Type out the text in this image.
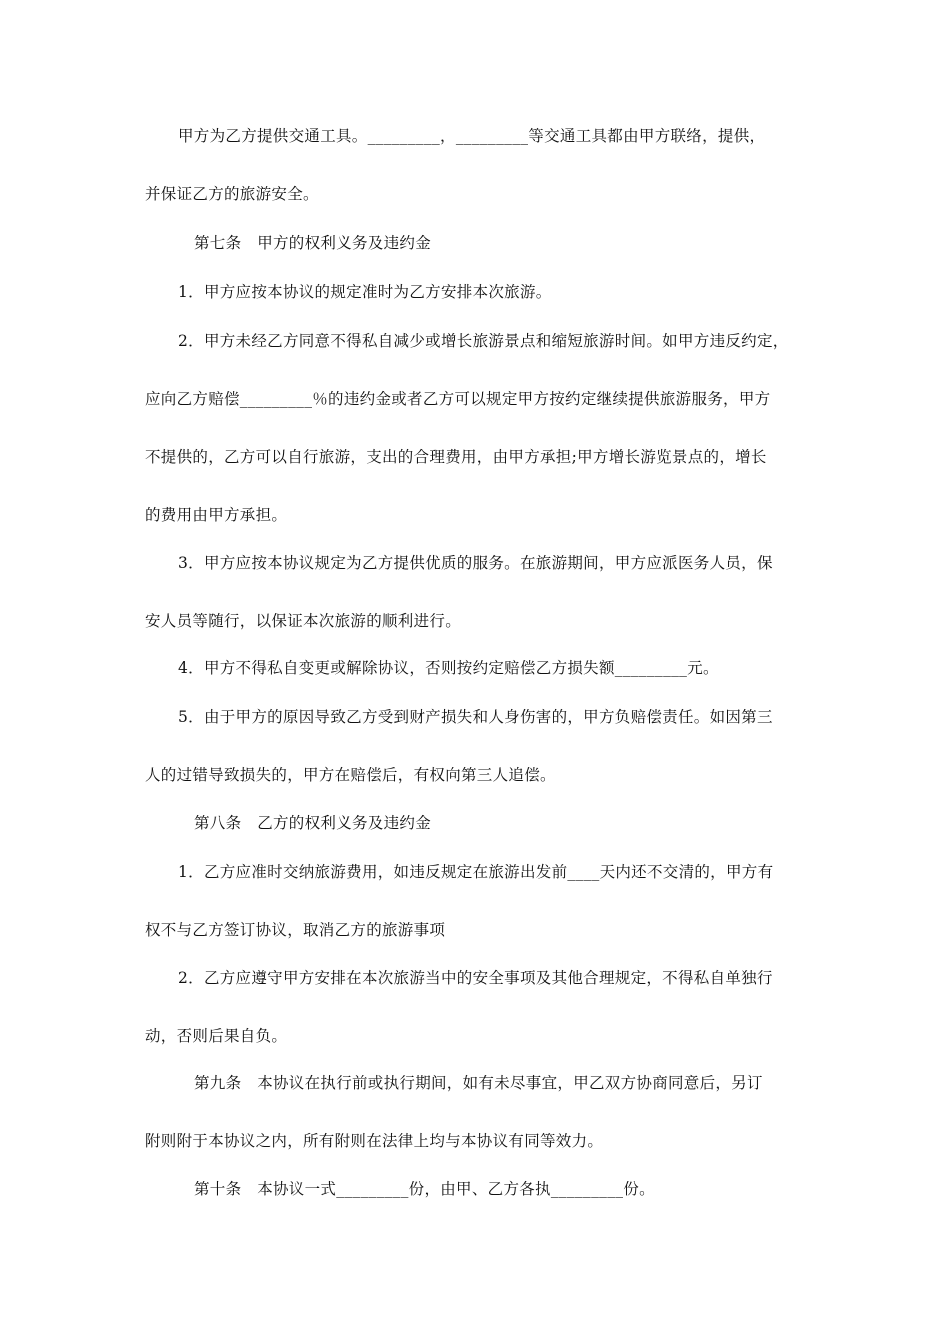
甲方为乙方提供交通工具。_________，_________等交通工具都由甲方联络，提供，
并保证乙方的旅游安全。
第七条　甲方的权利义务及违约金
1．甲方应按本协议的规定准时为乙方安排本次旅游。
2．甲方未经乙方同意不得私自减少或增长旅游景点和缩短旅游时间。如甲方违反约定，
应向乙方赔偿_________％的违约金或者乙方可以规定甲方按约定继续提供旅游服务，甲方
不提供的，乙方可以自行旅游，支出的合理费用，由甲方承担;甲方增长游览景点的，增长
的费用由甲方承担。
3．甲方应按本协议规定为乙方提供优质的服务。在旅游期间，甲方应派医务人员，保
安人员等随行，以保证本次旅游的顺利进行。
4．甲方不得私自变更或解除协议，否则按约定赔偿乙方损失额_________元。
5．由于甲方的原因导致乙方受到财产损失和人身伤害的，甲方负赔偿责任。如因第三
人的过错导致损失的，甲方在赔偿后，有权向第三人追偿。
第八条　乙方的权利义务及违约金
1．乙方应准时交纳旅游费用，如违反规定在旅游出发前____天内还不交清的，甲方有
权不与乙方签订协议，取消乙方的旅游事项
2．乙方应遵守甲方安排在本次旅游当中的安全事项及其他合理规定，不得私自单独行
动，否则后果自负。
第九条　本协议在执行前或执行期间，如有未尽事宜，甲乙双方协商同意后，另订
附则附于本协议之内，所有附则在法律上均与本协议有同等效力。
第十条　本协议一式_________份，由甲、乙方各执_________份。
